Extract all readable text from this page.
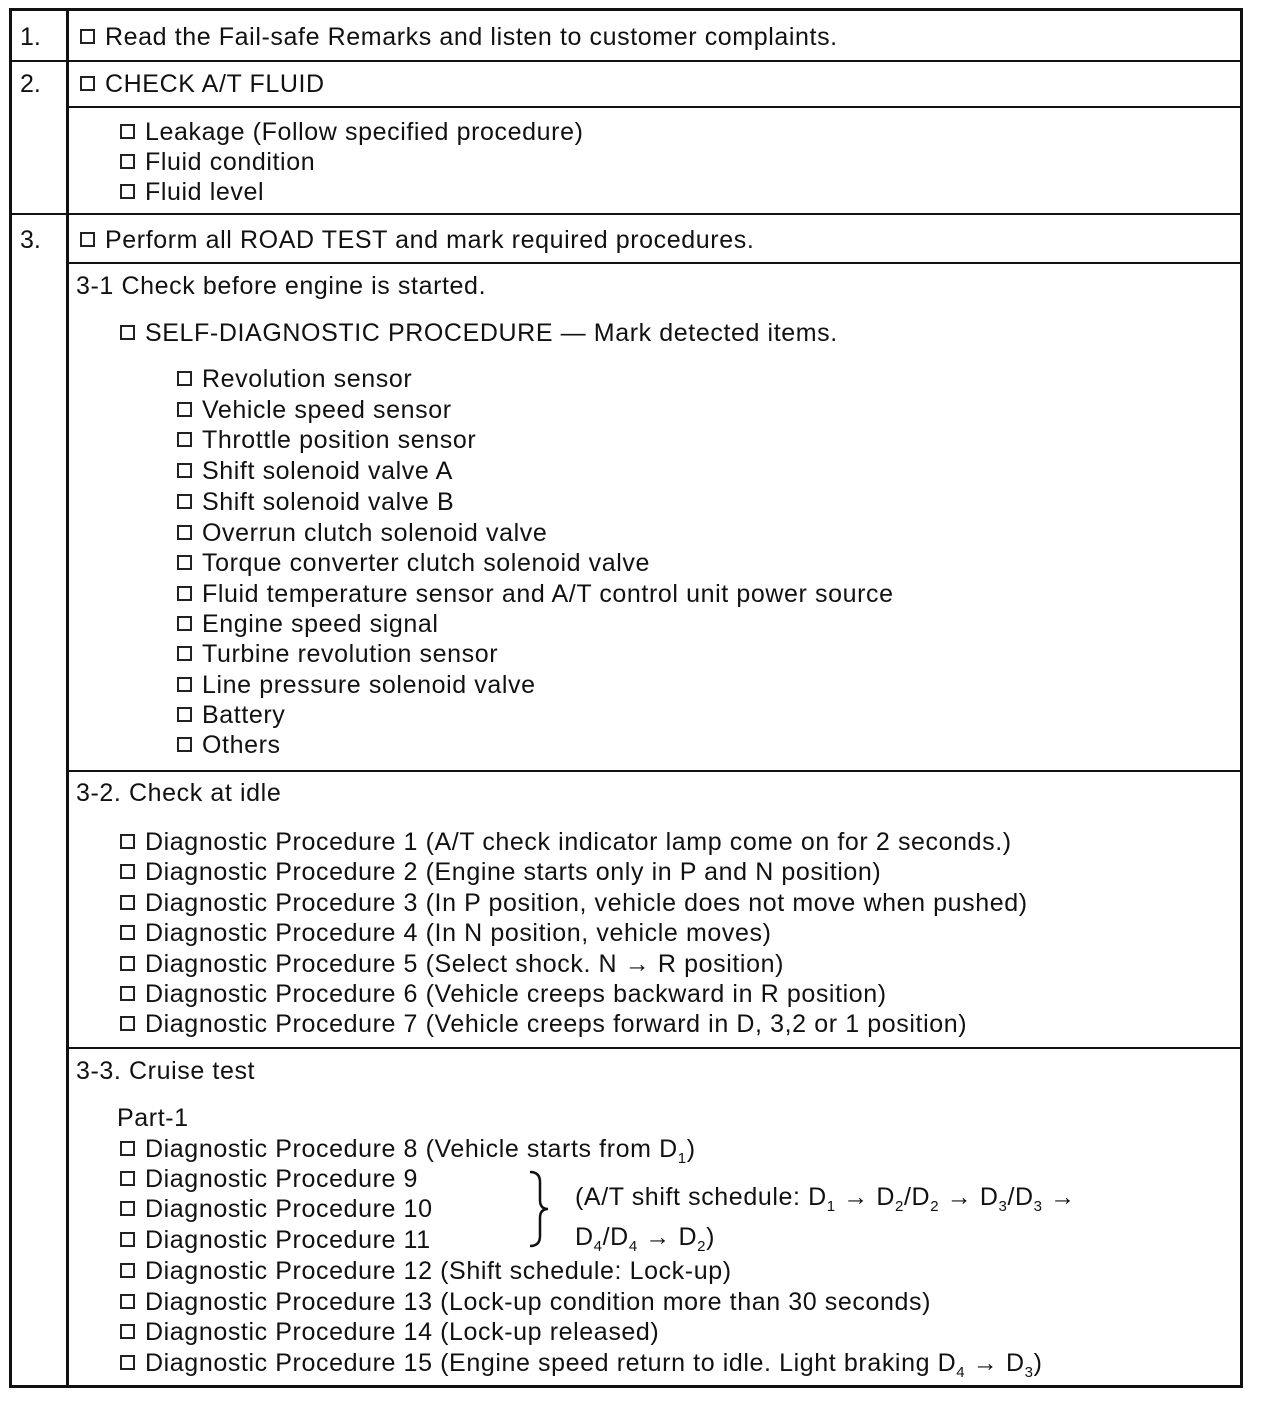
1.	Read the Fail-safe Remarks and listen to customer complaints.
2.	CHECK A/T FLUID
Leakage (Follow specified procedure)
Fluid condition
Fluid level
3.	Perform all ROAD TEST and mark required procedures.
3-1 Check before engine is started.
SELF-DIAGNOSTIC PROCEDURE — Mark detected items.
Revolution sensor
Vehicle speed sensor
Throttle position sensor
Shift solenoid valve A
Shift solenoid valve B
Overrun clutch solenoid valve
Torque converter clutch solenoid valve
Fluid temperature sensor and A/T control unit power source
Engine speed signal
Turbine revolution sensor
Line pressure solenoid valve
Battery
Others
3-2. Check at idle
Diagnostic Procedure 1 (A/T check indicator lamp come on for 2 seconds.)
Diagnostic Procedure 2 (Engine starts only in P and N position)
Diagnostic Procedure 3 (In P position, vehicle does not move when pushed)
Diagnostic Procedure 4 (In N position, vehicle moves)
Diagnostic Procedure 5 (Select shock. N → R position)
Diagnostic Procedure 6 (Vehicle creeps backward in R position)
Diagnostic Procedure 7 (Vehicle creeps forward in D, 3,2 or 1 position)
3-3. Cruise test
Part-1
Diagnostic Procedure 8 (Vehicle starts from $D_1$)
Diagnostic Procedure 9
Diagnostic Procedure 10
Diagnostic Procedure 11
(A/T shift schedule: $D_1 \to D_2/D_2 \to D_3/D_3$ →
$D_4/D_4 \to D_2$)
Diagnostic Procedure 12 (Shift schedule: Lock-up)
Diagnostic Procedure 13 (Lock-up condition more than 30 seconds)
Diagnostic Procedure 14 (Lock-up released)
Diagnostic Procedure 15 (Engine speed return to idle. Light braking $D_4 \to D_3$)
